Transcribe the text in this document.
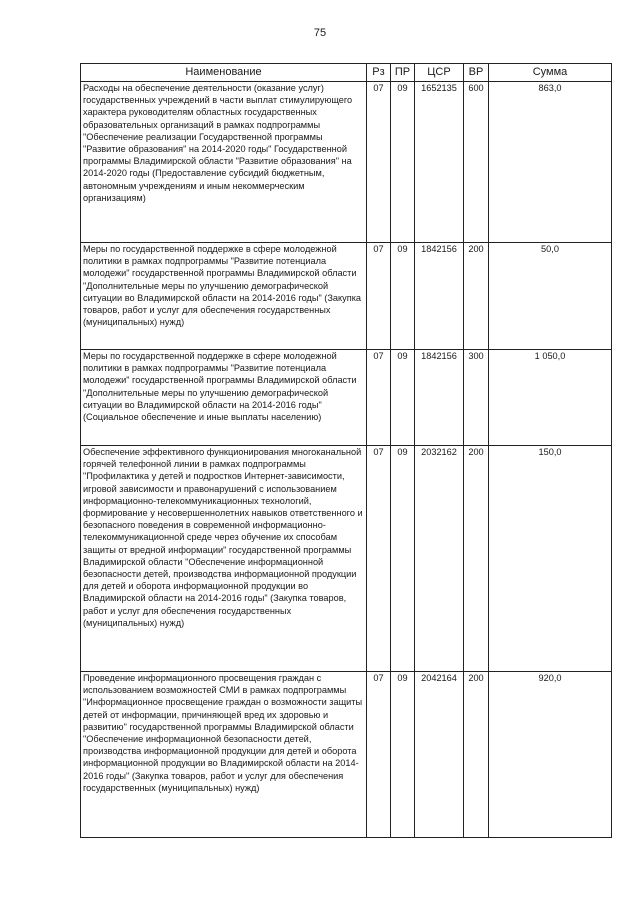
75
Наименование	Рз	ПР	ЦСР	ВР	Сумма
Расходы на обеспечение деятельности (оказание услуг) государственных учреждений в части выплат стимулирующего характера руководителям областных государственных образовательных организаций в рамках подпрограммы "Обеспечение реализации Государственной программы "Развитие образования" на 2014-2020 годы" Государственной программы Владимирской области "Развитие образования" на 2014-2020 годы (Предоставление субсидий бюджетным, автономным учреждениям и иным некоммерческим организациям)	07	09	1652135	600	863,0
Меры по государственной поддержке в сфере молодежной политики в рамках подпрограммы "Развитие потенциала молодежи" государственной программы Владимирской области "Дополнительные меры по улучшению демографической ситуации во Владимирской области на 2014-2016 годы" (Закупка товаров, работ и услуг для обеспечения государственных (муниципальных) нужд)	07	09	1842156	200	50,0
Меры по государственной поддержке в сфере молодежной политики в рамках подпрограммы "Развитие потенциала молодежи" государственной программы Владимирской области "Дополнительные меры по улучшению демографической ситуации во Владимирской области на 2014-2016 годы" (Социальное обеспечение и иные выплаты населению)	07	09	1842156	300	1 050,0
Обеспечение эффективного функционирования многоканальной горячей телефонной линии в рамках подпрограммы "Профилактика у детей и подростков Интернет-зависимости, игровой зависимости и правонарушений с использованием информационно-телекоммуникационных технологий, формирование у несовершеннолетних навыков ответственного и безопасного поведения в современной информационно-телекоммуникационной среде через обучение их способам защиты от вредной информации" государственной программы Владимирской области "Обеспечение информационной безопасности детей, производства информационной продукции для детей и оборота информационной продукции во Владимирской области на 2014-2016 годы" (Закупка товаров, работ и услуг для обеспечения государственных (муниципальных) нужд)	07	09	2032162	200	150,0
Проведение информационного просвещения граждан с использованием возможностей СМИ в рамках подпрограммы "Информационное просвещение граждан о возможности защиты детей от информации, причиняющей вред их здоровью и развитию" государственной программы Владимирской области "Обеспечение информационной безопасности детей, производства информационной продукции для детей и оборота информационной продукции во Владимирской области на 2014-2016 годы" (Закупка товаров, работ и услуг для обеспечения государственных (муниципальных) нужд)	07	09	2042164	200	920,0
